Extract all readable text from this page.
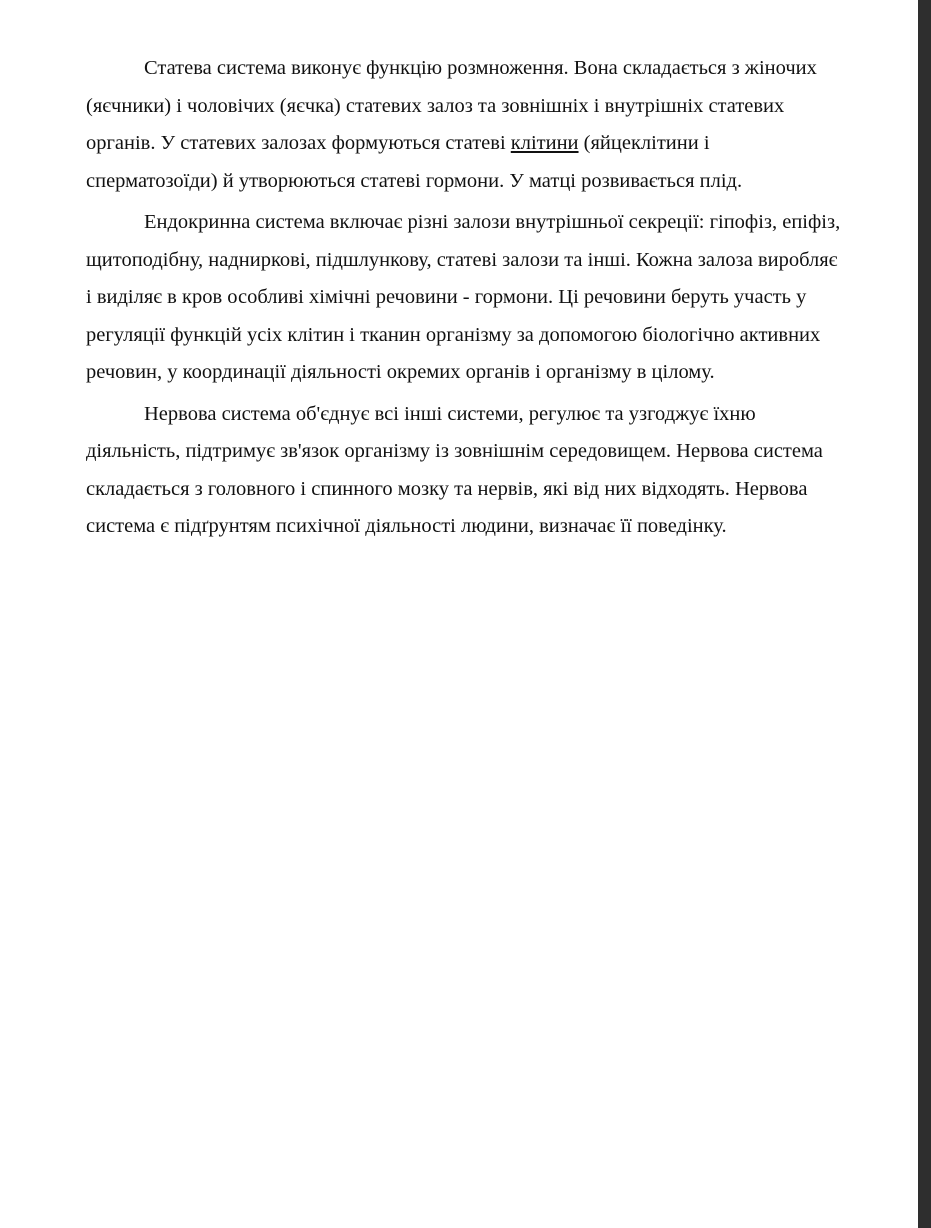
Статева система виконує функцію розмноження. Вона складається з жіночих (яєчники) і чоловічих (яєчка) статевих залоз та зовнішніх і внутрішніх статевих органів. У статевих залозах формуються статеві клітини (яйцеклітини і сперматозоїди) й утворюються статеві гормони. У матці розвивається плід.

Ендокринна система включає різні залози внутрішньої секреції: гіпофіз, епіфіз, щитоподібну, надниркові, підшлункову, статеві залози та інші. Кожна залоза виробляє і виділяє в кров особливі хімічні речовини - гормони. Ці речовини беруть участь у регуляції функцій усіх клітин і тканин організму за допомогою біологічно активних речовин, у координації діяльності окремих органів і організму в цілому.

Нервова система об'єднує всі інші системи, регулює та узгоджує їхню діяльність, підтримує зв'язок організму із зовнішнім середовищем. Нервова система складається з головного і спинного мозку та нервів, які від них відходять. Нервова система є підґрунтям психічної діяльності людини, визначає її поведінку.
